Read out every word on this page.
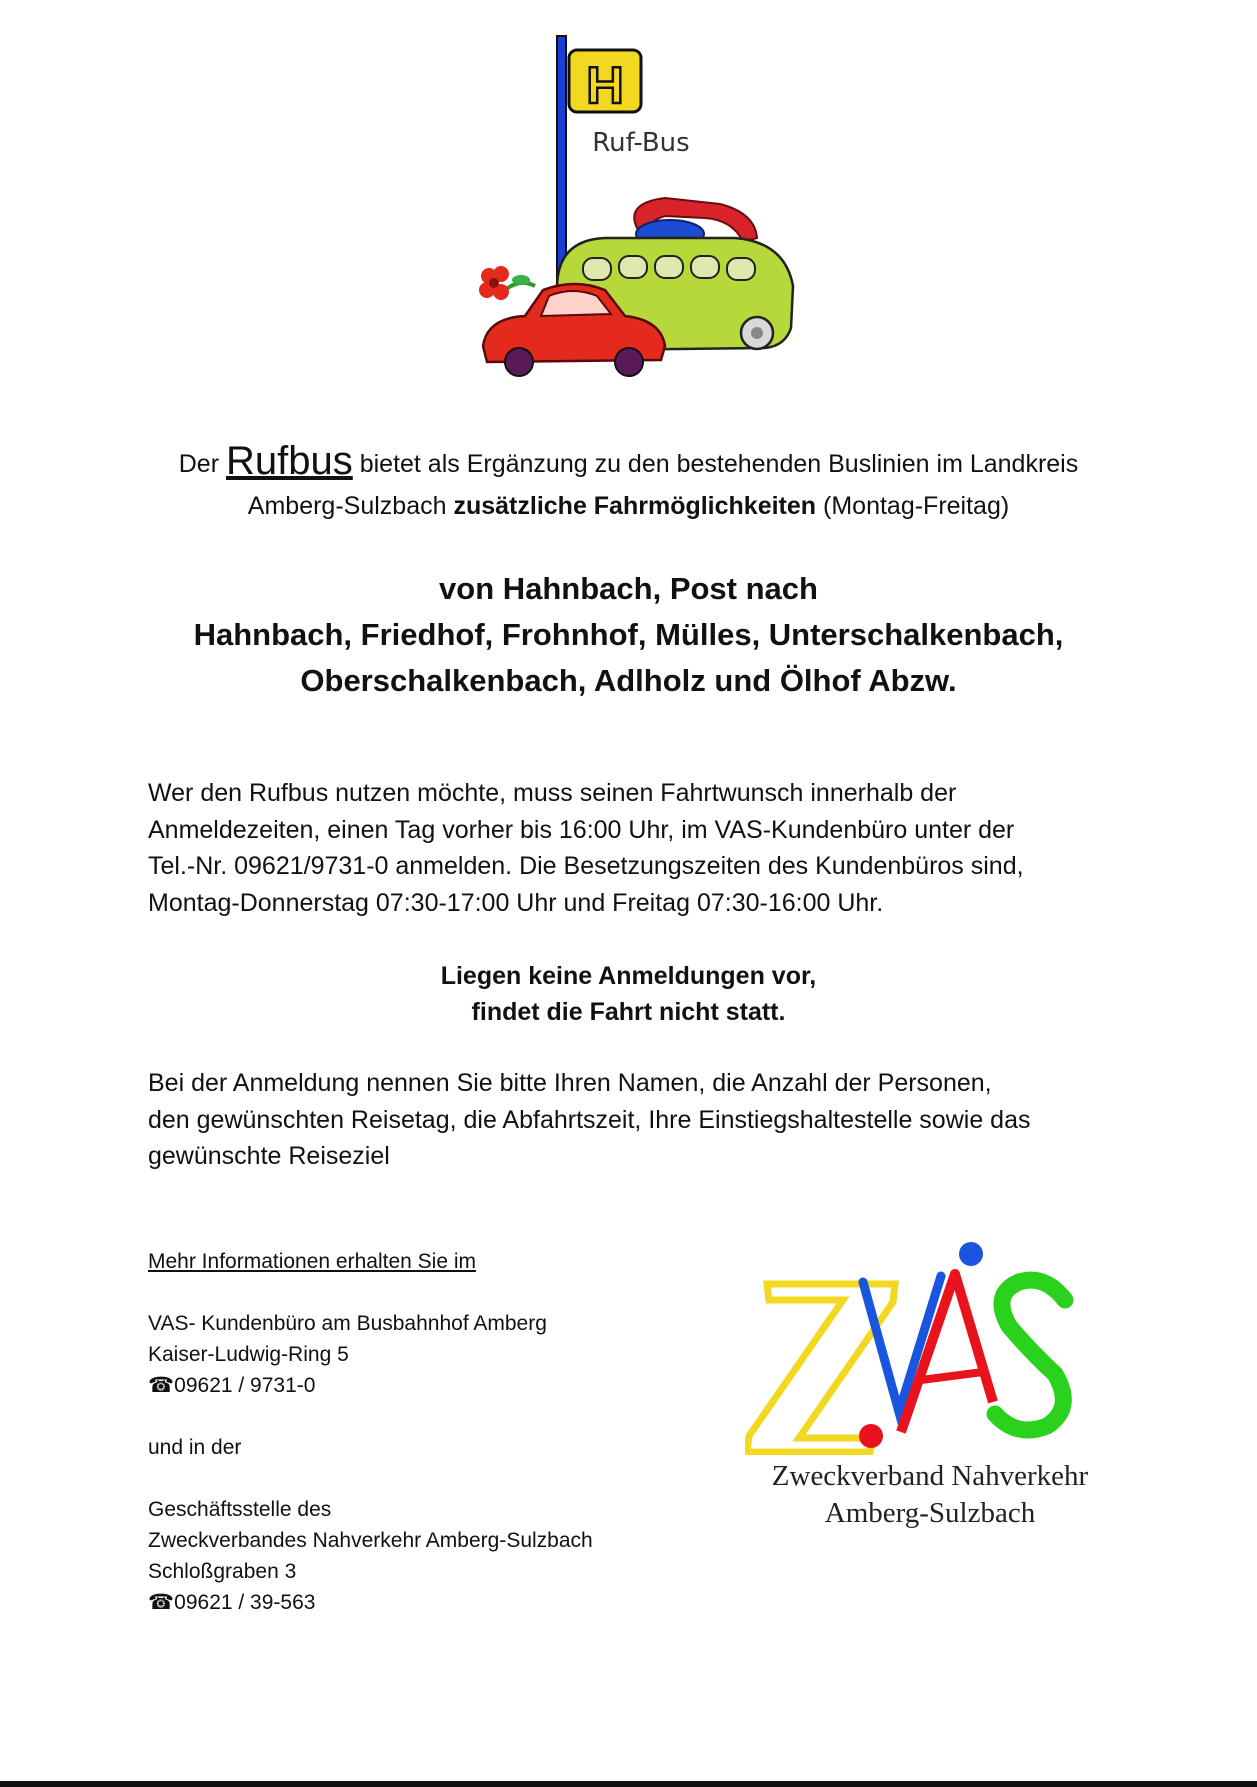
H
Ruf-Bus
Der Rufbus bietet als Ergänzung zu den bestehenden Buslinien im Landkreis
Amberg-Sulzbach zusätzliche Fahrmöglichkeiten (Montag-Freitag)
von Hahnbach, Post nach
Hahnbach, Friedhof, Frohnhof, Mülles, Unterschalkenbach,
Oberschalkenbach, Adlholz und Ölhof Abzw.
Wer den Rufbus nutzen möchte, muss seinen Fahrtwunsch innerhalb der
Anmeldezeiten, einen Tag vorher bis 16:00 Uhr, im VAS-Kundenbüro unter der
Tel.-Nr. 09621/9731-0 anmelden. Die Besetzungszeiten des Kundenbüros sind,
Montag-Donnerstag 07:30-17:00 Uhr und Freitag 07:30-16:00 Uhr.
Liegen keine Anmeldungen vor,
findet die Fahrt nicht statt.
Bei der Anmeldung nennen Sie bitte Ihren Namen, die Anzahl der Personen,
den gewünschten Reisetag, die Abfahrtszeit, Ihre Einstiegshaltestelle sowie das
gewünschte Reiseziel
Mehr Informationen erhalten Sie im
VAS- Kundenbüro am Busbahnhof Amberg
Kaiser-Ludwig-Ring 5
☎09621 / 9731-0
und in der
Geschäftsstelle des
Zweckverbandes Nahverkehr Amberg-Sulzbach
Schloßgraben 3
☎09621 / 39-563
Zweckverband Nahverkehr
Amberg-Sulzbach
